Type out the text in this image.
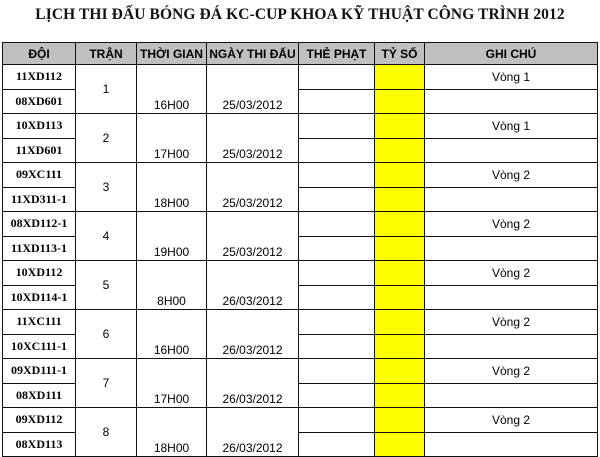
LỊCH THI ĐẤU BÓNG ĐÁ KC-CUP KHOA KỸ THUẬT CÔNG TRÌNH 2012
ĐỘI	TRẬN	THỜI GIAN	NGÀY THI ĐẤU	THẺ PHẠT	TỶ SỐ	GHI CHÚ
11XD112	1					Vòng 1
08XD601		16H00	25/03/2012			
10XD113	2					Vòng 1
11XD601		17H00	25/03/2012			
09XC111	3					Vòng 2
11XD311-1		18H00	25/03/2012			
08XD112-1	4					Vòng 2
11XD113-1		19H00	25/03/2012			
10XD112	5					Vòng 2
10XD114-1		8H00	26/03/2012			
11XC111	6					Vòng 2
10XC111-1		16H00	26/03/2012			
09XD111-1	7					Vòng 2
08XD111		17H00	26/03/2012			
09XD112	8					Vòng 2
08XD113		18H00	26/03/2012			
